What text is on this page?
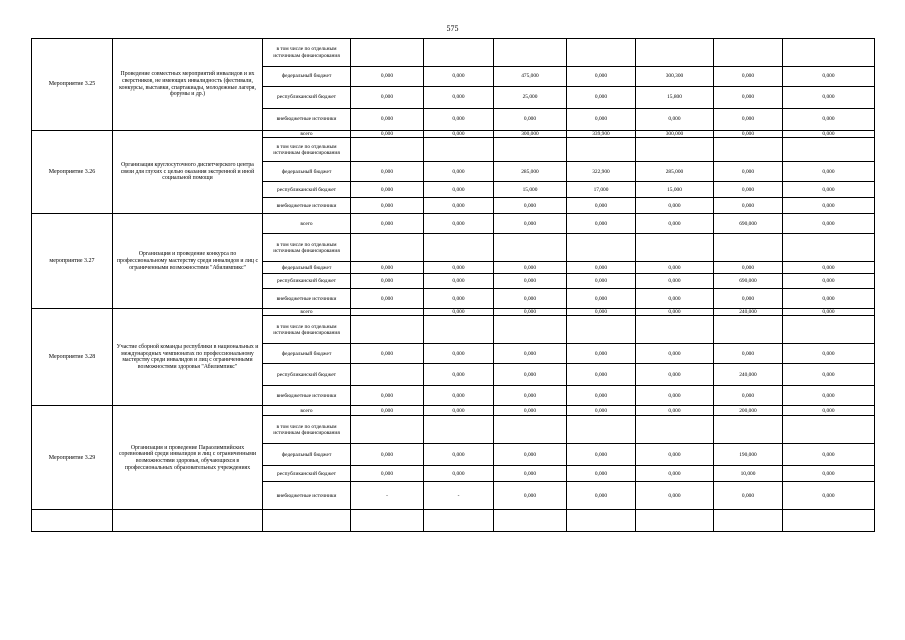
575
Мероприятие 3.25	Проведение совместных мероприятий инвалидов и их сверстников, не имеющих инвалидность (фестивали, конкурсы, выставки, спартакиады, молодежные лагеря, форумы и др.)	в том числе по отдельным источникам финансирования							
		федеральный бюджет	0,000	0,000	475,000	0,000	300,300	0,000	0,000
		республиканский бюджет	0,000	0,000	25,000	0,000	15,800	0,000	0,000
		внебюджетные источники	0,000	0,000	0,000	0,000	0,000	0,000	0,000
Мероприятие 3.26	Организация круглосуточного диспетчерского центра связи для глухих с целью оказания экстренной и иной социальной помощи	всего	0,000	0,000	300,000	339,900	300,000	0,000	0,000
		в том числе по отдельным источникам финансирования							
		федеральный бюджет	0,000	0,000	285,000	322,900	285,000	0,000	0,000
		республиканский бюджет	0,000	0,000	15,000	17,000	15,000	0,000	0,000
		внебюджетные источники	0,000	0,000	0,000	0,000	0,000	0,000	0,000
мероприятие 3.27	Организация и проведение конкурса по профессиональному мастерству среди инвалидов и лиц с ограниченными возможностями "Абилимпикс"	всего	0,000	0,000	0,000	0,000	0,000	690,000	0,000
		в том числе по отдельным источникам финансирования							
		федеральный бюджет	0,000	0,000	0,000	0,000	0,000	0,000	0,000
		республиканский бюджет	0,000	0,000	0,000	0,000	0,000	690,000	0,000
		внебюджетные источники	0,000	0,000	0,000	0,000	0,000	0,000	0,000
Мероприятие 3.28	Участие сборной команды республики в национальных и международных чемпионатах по профессиональному мастерству среди инвалидов и лиц с ограниченными возможностями здоровья "Абилимпикс"	всего		0,000	0,000	0,000	0,000	240,000	0,000
		в том числе по отдельным источникам финансирования							
		федеральный бюджет	0,000	0,000	0,000	0,000	0,000	0,000	0,000
		республиканский бюджет		0,000	0,000	0,000	0,000	240,000	0,000
		внебюджетные источники	0,000	0,000	0,000	0,000	0,000	0,000	0,000
Мероприятие 3.29	Организация и проведение Параолимпийских соревнований среди инвалидов и лиц с ограниченными возможностями здоровья, обучающихся в профессиональных образовательных учреждениях	всего	0,000	0,000	0,000	0,000	0,000	200,000	0,000
		в том числе по отдельным источникам финансирования							
		федеральный бюджет	0,000	0,000	0,000	0,000	0,000	190,000	0,000
		республиканский бюджет	0,000	0,000	0,000	0,000	0,000	10,000	0,000
		внебюджетные источники	-	-	0,000	0,000	0,000	0,000	0,000
